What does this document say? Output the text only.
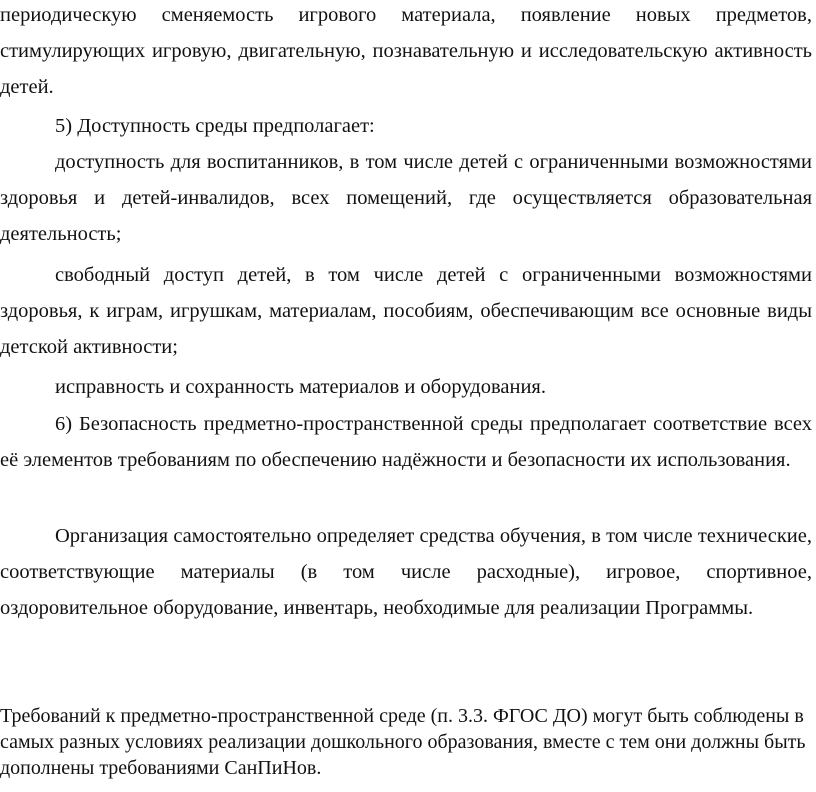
периодическую сменяемость игрового материала, появление новых предметов, стимулирующих игровую, двигательную, познавательную и исследовательскую активность детей.

5) Доступность среды предполагает:

доступность для воспитанников, в том числе детей с ограниченными возможностями здоровья и детей-инвалидов, всех помещений, где осуществляется образовательная деятельность;

свободный доступ детей, в том числе детей с ограниченными возможностями здоровья, к играм, игрушкам, материалам, пособиям, обеспечивающим все основные виды детской активности;

исправность и сохранность материалов и оборудования.

6) Безопасность предметно-пространственной среды предполагает соответствие всех её элементов требованиям по обеспечению надёжности и безопасности их использования.

Организация самостоятельно определяет средства обучения, в том числе технические, соответствующие материалы (в том числе расходные), игровое, спортивное, оздоровительное оборудование, инвентарь, необходимые для реализации Программы.

Требований к предметно-пространственной среде (п. 3.3. ФГОС ДО) могут быть соблюдены в самых разных условиях реализации дошкольного образования, вместе с тем они должны быть дополнены требованиями СанПиНов.
